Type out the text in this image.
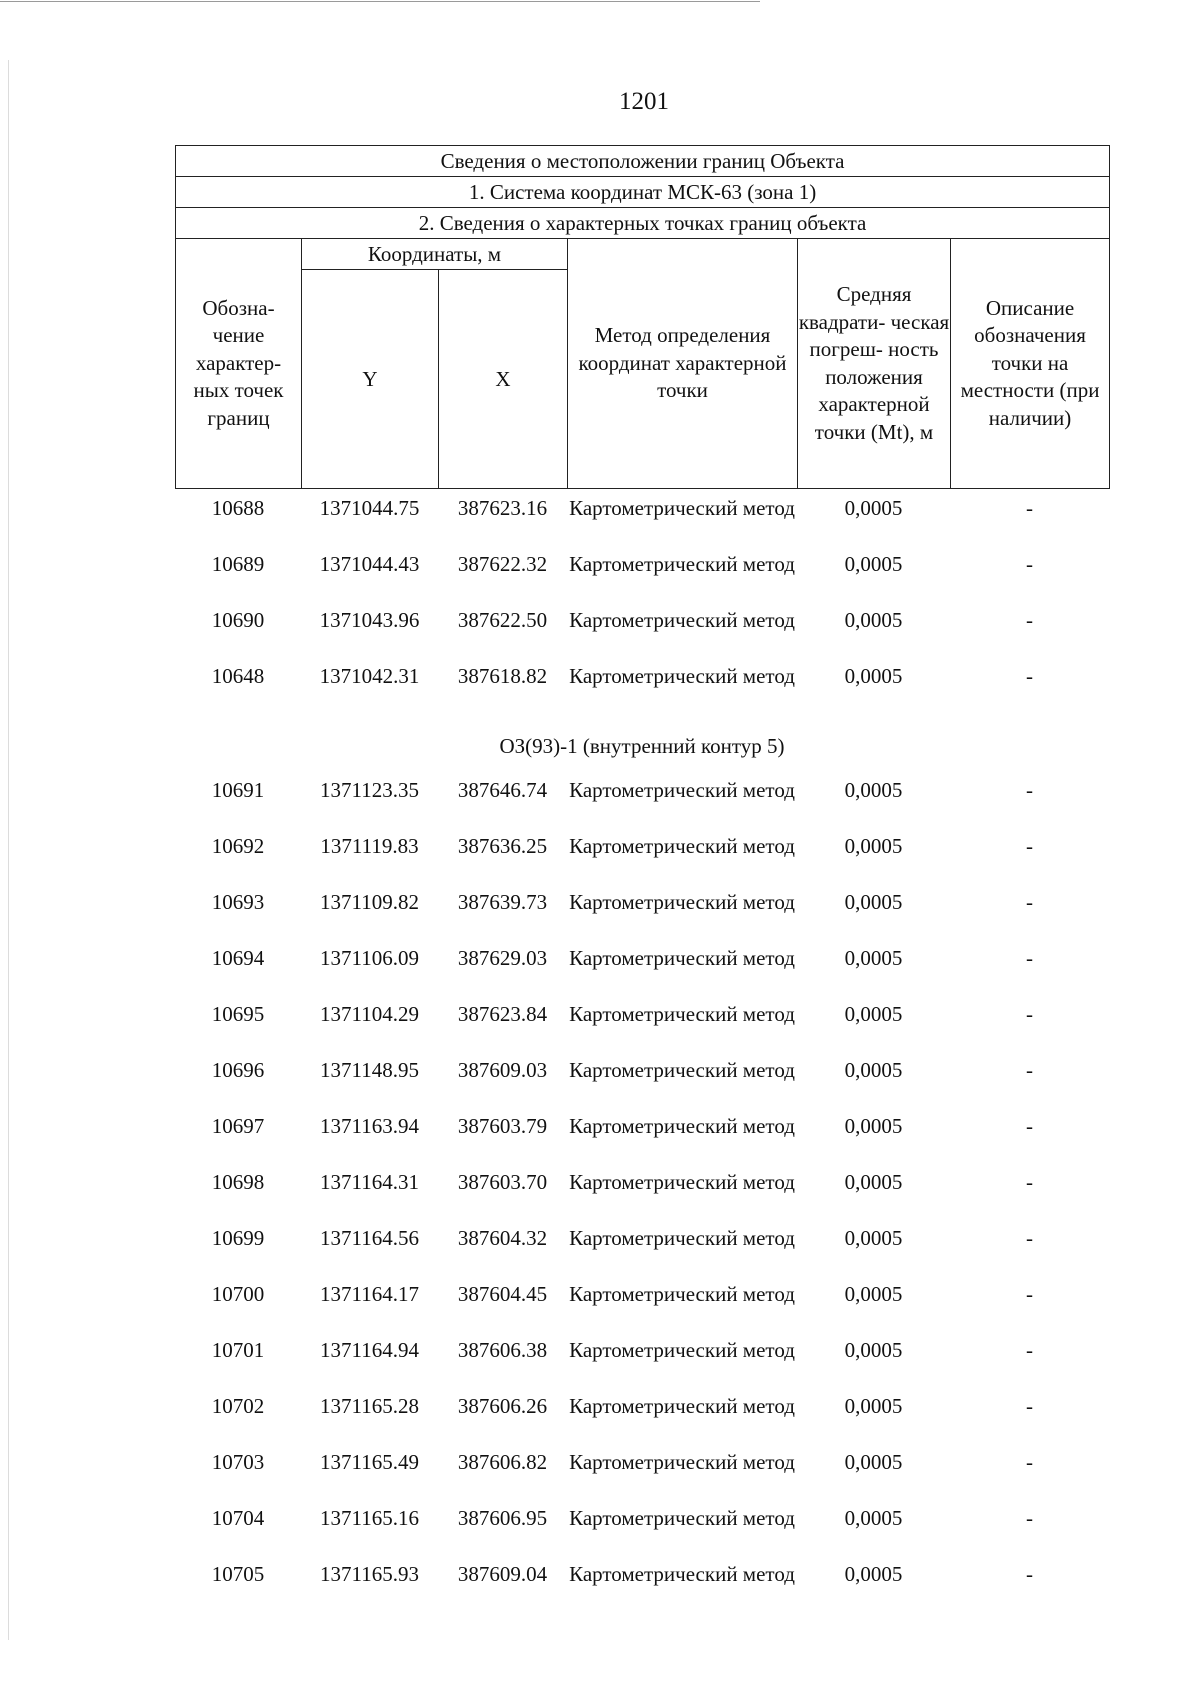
1201
Сведения о местоположении границ Объекта					
1. Система координат МСК-63 (зона 1)					
2. Сведения о характерных точках границ объекта					
Обозна- чение характер- ных точек границ	Координаты, м		Метод определения координат характерной точки	Средняя квадрати- ческая погреш- ность положения характерной точки (Mt), м	Описание обозначения точки на местности (при наличии)
	Y	X			
10688	1371044.75	387623.16	Картометрический метод	0,0005	-
10689	1371044.43	387622.32	Картометрический метод	0,0005	-
10690	1371043.96	387622.50	Картометрический метод	0,0005	-
10648	1371042.31	387618.82	Картометрический метод	0,0005	-
ОЗ(93)-1 (внутренний контур 5)
10691	1371123.35	387646.74	Картометрический метод	0,0005	-
10692	1371119.83	387636.25	Картометрический метод	0,0005	-
10693	1371109.82	387639.73	Картометрический метод	0,0005	-
10694	1371106.09	387629.03	Картометрический метод	0,0005	-
10695	1371104.29	387623.84	Картометрический метод	0,0005	-
10696	1371148.95	387609.03	Картометрический метод	0,0005	-
10697	1371163.94	387603.79	Картометрический метод	0,0005	-
10698	1371164.31	387603.70	Картометрический метод	0,0005	-
10699	1371164.56	387604.32	Картометрический метод	0,0005	-
10700	1371164.17	387604.45	Картометрический метод	0,0005	-
10701	1371164.94	387606.38	Картометрический метод	0,0005	-
10702	1371165.28	387606.26	Картометрический метод	0,0005	-
10703	1371165.49	387606.82	Картометрический метод	0,0005	-
10704	1371165.16	387606.95	Картометрический метод	0,0005	-
10705	1371165.93	387609.04	Картометрический метод	0,0005	-
